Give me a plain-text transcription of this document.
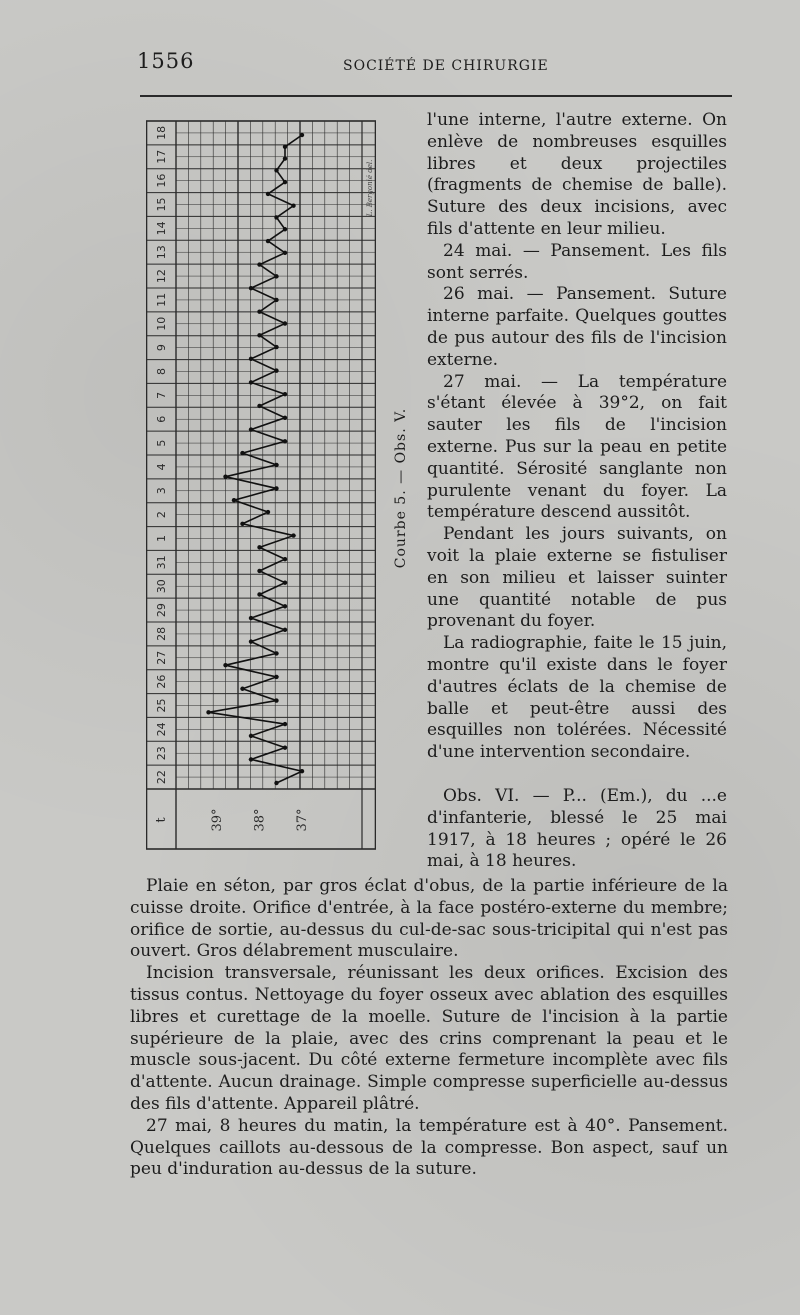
1556	SOCIÉTÉ DE CHIRURGIE
22
23
24
25
26
27
28
29
30
31
1
2
3
4
5
6
7
8
9
10
11
12
13
14
15
16
17
18
39° 38° 37°
t
L. Bergonié del.
Courbe 5. — Obs. V.

l'une interne, l'autre externe. On enlève de nombreuses esquilles libres et deux projectiles (fragments de chemise de balle). Suture des deux incisions, avec fils d'attente en leur milieu.

24 mai. — Pansement. Les fils sont serrés.

26 mai. — Pansement. Suture interne parfaite. Quelques gouttes de pus autour des fils de l'incision externe.

27 mai. — La température s'étant élevée à 39°2, on fait sauter les fils de l'incision externe. Pus sur la peau en petite quantité. Sérosité sanglante non purulente venant du foyer. La température descend aussitôt.

Pendant les jours suivants, on voit la plaie externe se fistuliser en son milieu et laisser suinter une quantité notable de pus provenant du foyer.

La radiographie, faite le 15 juin, montre qu'il existe dans le foyer d'autres éclats de la chemise de balle et peut-être aussi des esquilles non tolérées. Nécessité d'une intervention secondaire.

Obs. VI. — P... (Em.), du ...e d'infanterie, blessé le 25 mai 1917, à 18 heures ; opéré le 26 mai, à 18 heures.

Plaie en séton, par gros éclat d'obus, de la partie inférieure de la cuisse droite. Orifice d'entrée, à la face postéro-externe du membre; orifice de sortie, au-dessus du cul-de-sac sous-tricipital qui n'est pas ouvert. Gros délabrement musculaire.

Incision transversale, réunissant les deux orifices. Excision des tissus contus. Nettoyage du foyer osseux avec ablation des esquilles libres et curettage de la moelle. Suture de l'incision à la partie supérieure de la plaie, avec des crins comprenant la peau et le muscle sous-jacent. Du côté externe fermeture incomplète avec fils d'attente. Aucun drainage. Simple compresse superficielle au-dessus des fils d'attente. Appareil plâtré.

27 mai, 8 heures du matin, la température est à 40°. Pansement. Quelques caillots au-dessous de la compresse. Bon aspect, sauf un peu d'induration au-dessus de la suture.
